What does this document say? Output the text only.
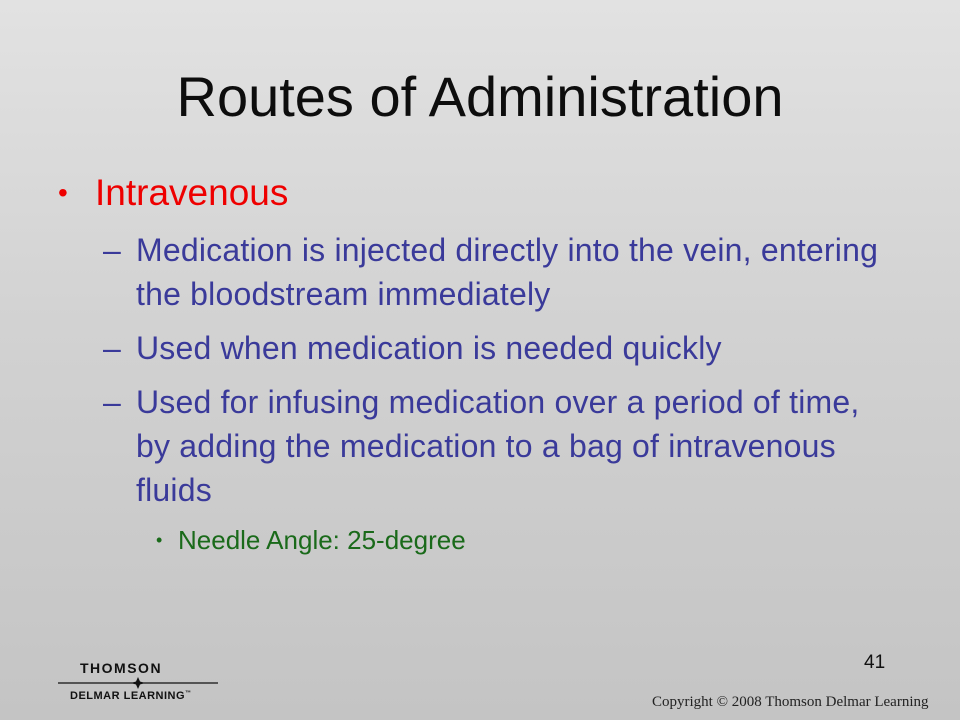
Routes of Administration
• Intravenous
– Medication is injected directly into the vein, entering the bloodstream immediately
– Used when medication is needed quickly
– Used for infusing medication over a period of time, by adding the medication to a bag of intravenous fluids
• Needle Angle: 25-degree
41
THOMSON
DELMAR LEARNING™
Copyright © 2008 Thomson Delmar Learning
